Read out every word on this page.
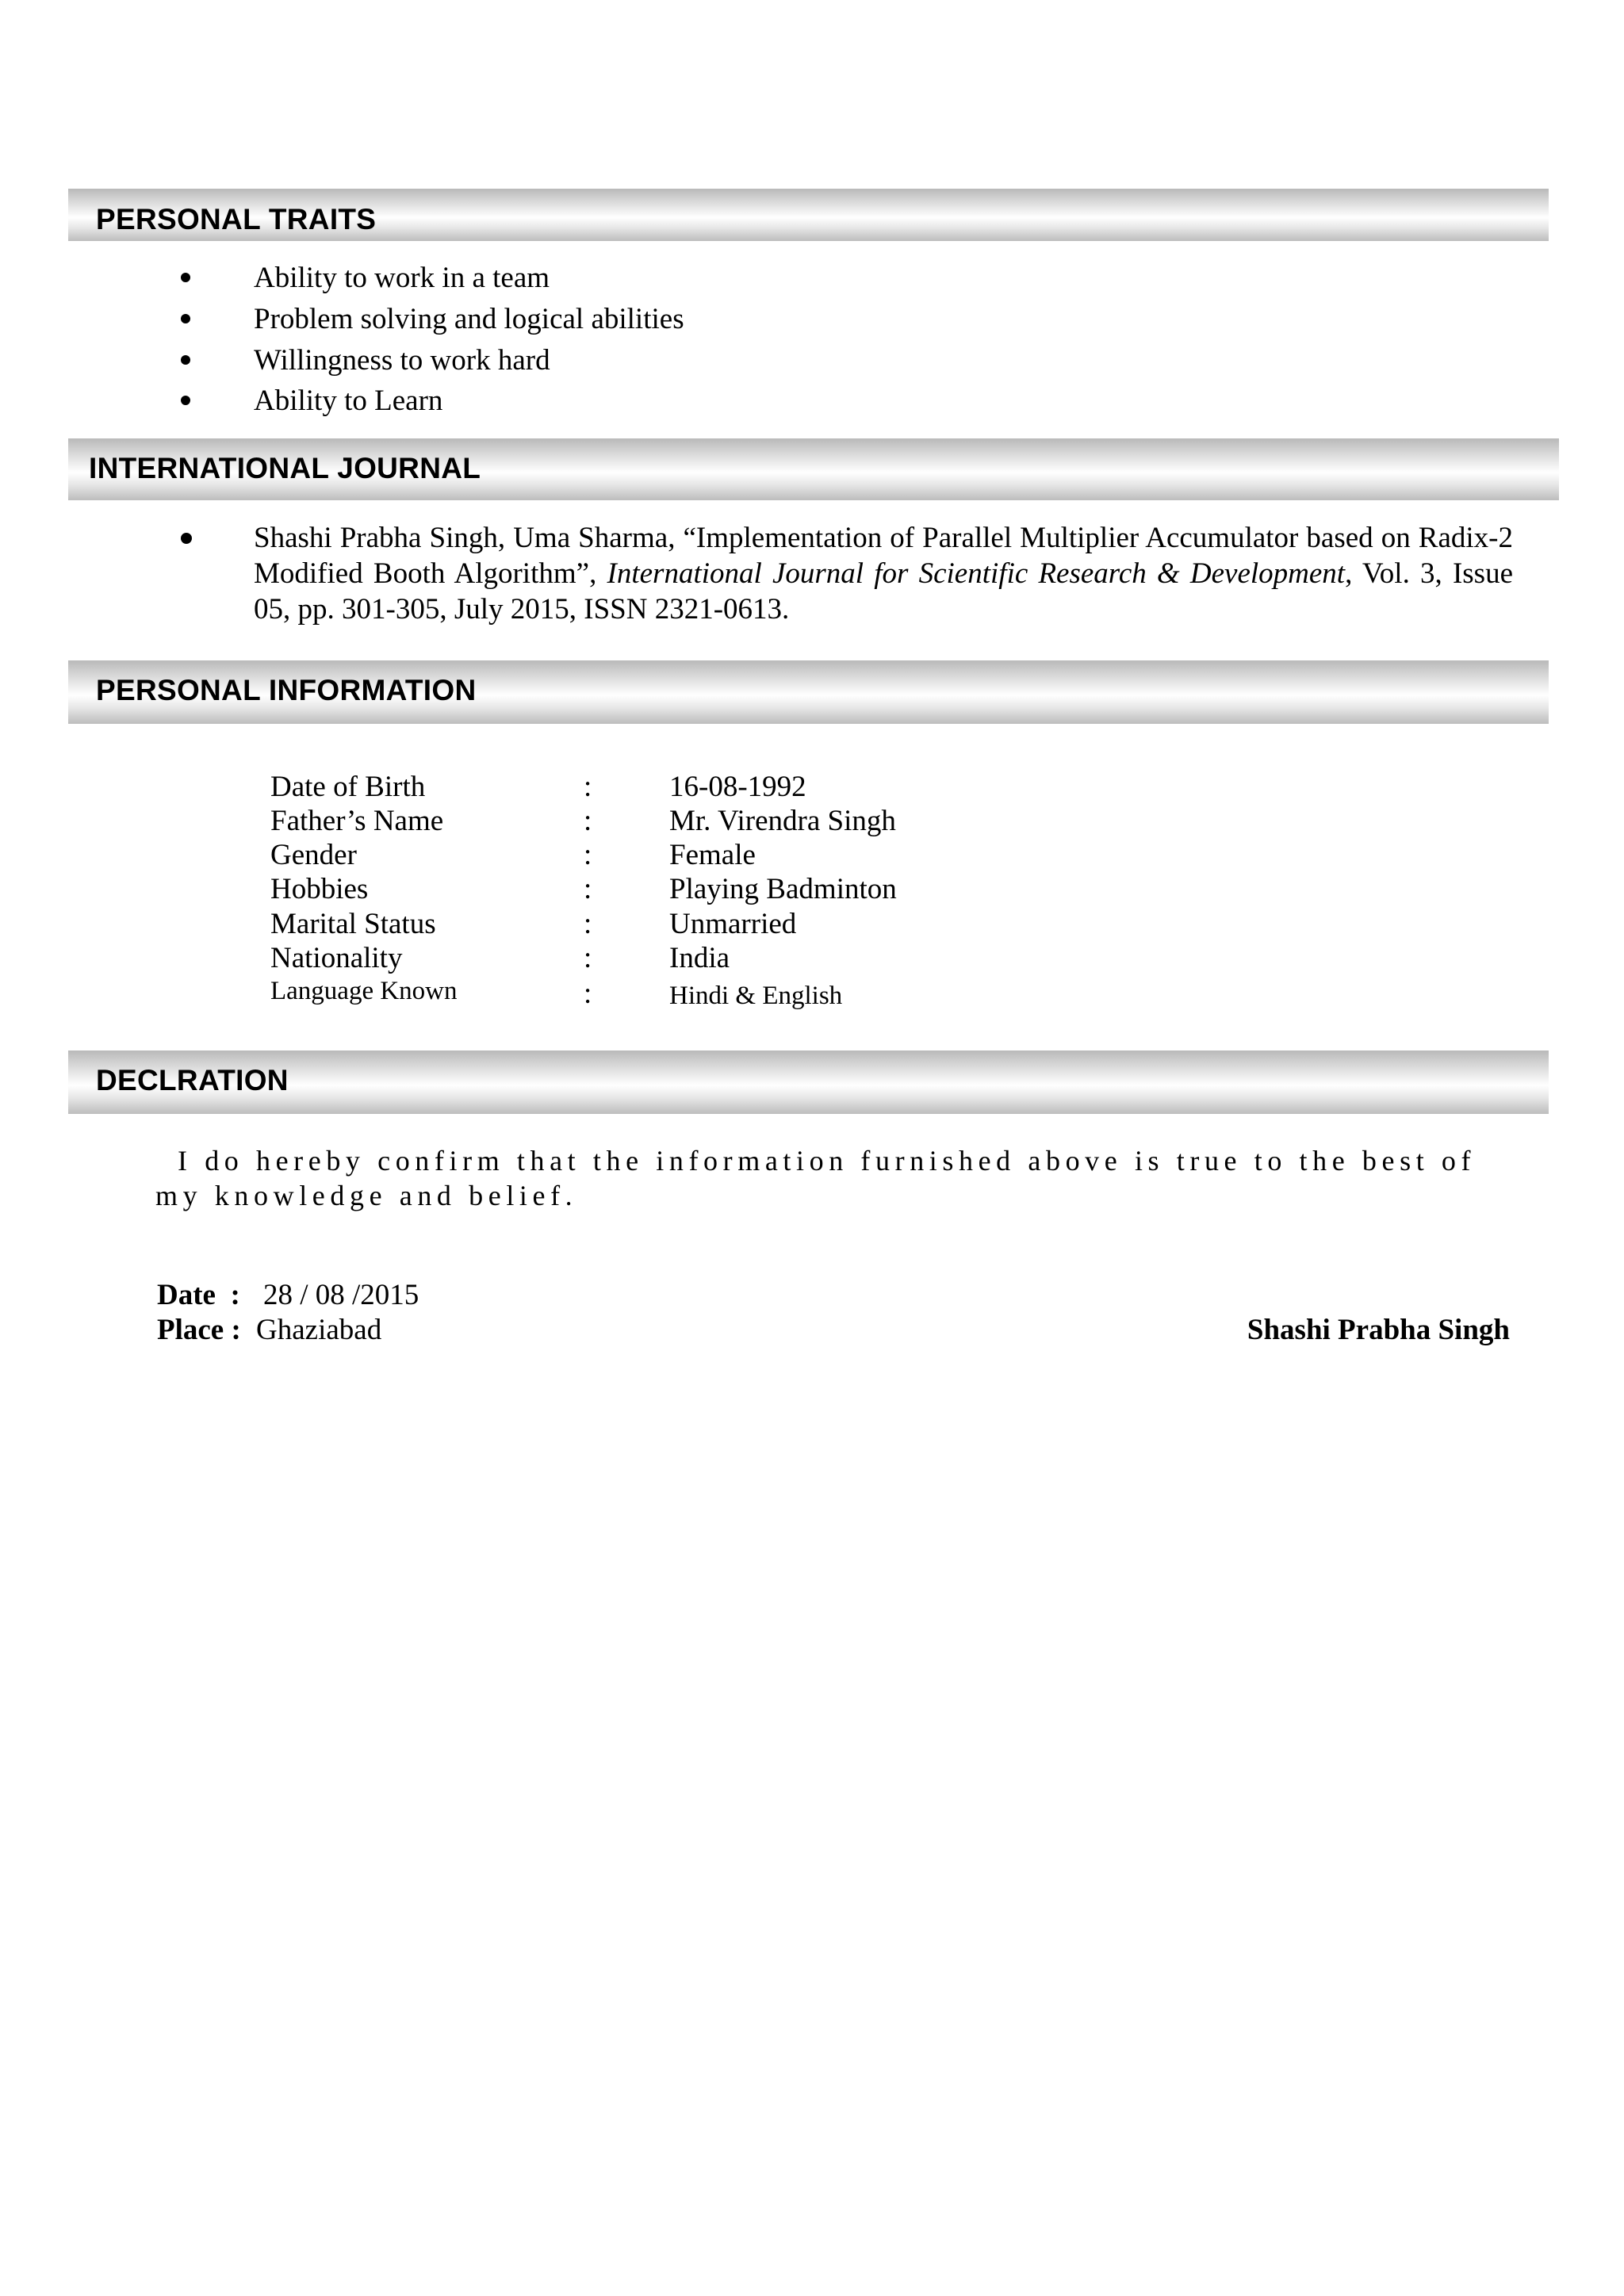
PERSONAL TRAITS
Ability to work in a team
Problem solving and logical abilities
Willingness to work hard
Ability to Learn
INTERNATIONAL JOURNAL
Shashi Prabha Singh, Uma Sharma, “Implementation of Parallel Multiplier Accumulator based on Radix-2 Modified Booth Algorithm”, International Journal for Scientific Research & Development, Vol. 3, Issue 05, pp. 301-305, July 2015, ISSN 2321-0613.
PERSONAL INFORMATION
Date of Birth	:	16-08-1992
Father’s Name	:	Mr. Virendra Singh
Gender	:	Female
Hobbies	:	Playing Badminton
Marital Status	:	Unmarried
Nationality	:	India
Language Known	:	Hindi & English
DECLRATION
I do hereby confirm that the information furnished above is true to the best of my knowledge and belief.
Date  : 28 / 08 /2015
Place : Ghaziabad	Shashi Prabha Singh
